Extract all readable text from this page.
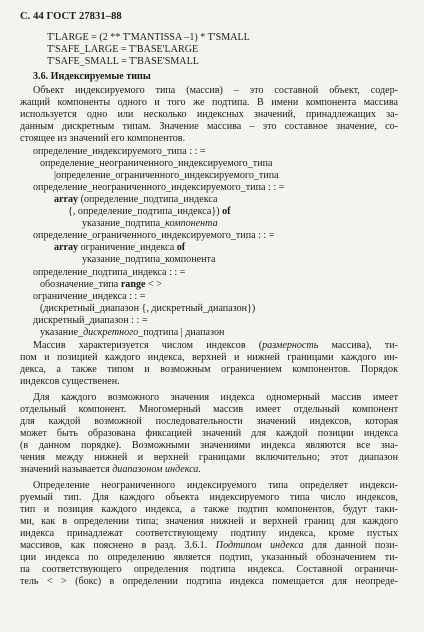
С. 44 ГОСТ 27831–88
T'LARGE = (2 ** T'MANTISSA –1) * T'SMALL
T'SAFE_LARGE = T'BASE'LARGE
T'SAFE_SMALL = T'BASE'SMALL
3.6. Индексируемые типы
Объект индексируемого типа (массив) – это составной объект, содер-
жащий компоненты одного и того же подтипа. В имени компонента массива
используется одно или несколько индексных значений, принадлежащих за-
данным дискретным типам. Значение массива – это составное значение, со-
стоящее из значений его компонентов.
определение_индексируемого_типа : : =
определение_неограниченного_индексируемого_типа
|определение_ограниченного_индексируемого_типа
определение_неограниченного_индексируемого_типа : : =
array (определение_подтипа_индекса
{, определение_подтипа_индекса}) of
указание_подтипа_компонента
определение_ограниченного_индексируемого_типа : : =
array ограничение_индекса of
указание_подтипа_компонента
определение_подтипа_индекса : : =
обозначение_типа range < >
ограничение_индекса : : =
(дискретный_диапазон {, дискретный_диапазон})
дискретный_диапазон : : =
указание_дискретного_подтипа | диапазон
Массив характеризуется числом индексов (размерность массива), ти-
пом и позицией каждого индекса, верхней и нижней границами каждого ин-
декса, а также типом и возможным ограничением компонентов. Порядок
индексов существенен.
Для каждого возможного значения индекса одномерный массив имеет
отдельный компонент. Многомерный массив имеет отдельный компонент
для каждой возможной последовательности значений индексов, которая
может быть образована фиксацией значений для каждой позиции индекса
(в данном порядке). Возможными значениями индекса являются все зна-
чения между нижней и верхней границами включительно; этот диапазон
значений называется диапазоном индекса.
Определение неограниченного индексируемого типа определяет индекси-
руемый тип. Для каждого объекта индексируемого типа число индексов,
тип и позиция каждого индекса, а также подтип компонентов, будут таки-
ми, как в определении типа; значения нижней и верхней границ для каждого
индекса принадлежат соответствующему подтипу индекса, кроме пустых
массивов, как пояснено в разд. 3.6.1. Подтипом индекса для данной пози-
ции индекса по определению является подтип, указанный обозначением ти-
па соответствующего определения подтипа индекса. Составной ограничи-
тель < > (бокс) в определении подтипа индекса помещается для неопреде-
